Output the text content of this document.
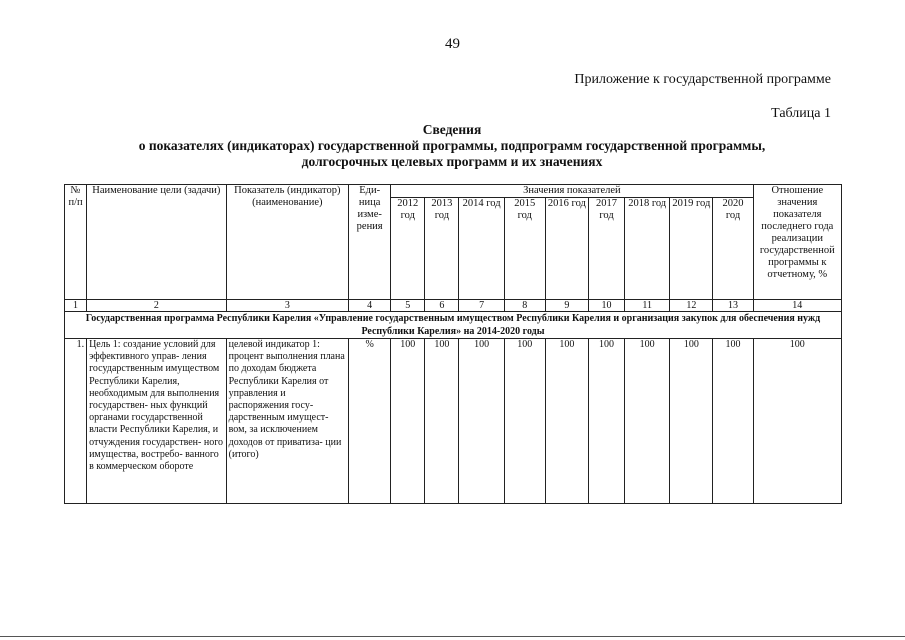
49
Приложение к государственной программе
Таблица 1
Сведения
о показателях (индикаторах) государственной программы, подпрограмм государственной программы,
долгосрочных целевых программ и их значениях
№ п/п	Наименование цели (задачи)	Показатель (индикатор) (наименование)	Еди- ница изме- рения	Значения показателей									Отношение значения показателя последнего года реализации государственной программы к отчетному, %
				2012 год	2013 год	2014 год	2015 год	2016 год	2017 год	2018 год	2019 год	2020 год	
1	2	3	4	5	6	7	8	9	10	11	12	13	14
Государственная программа Республики Карелия «Управление государственным имуществом Республики Карелия и организация закупок для обеспечения нужд Республики Карелия» на 2014-2020 годы													
1.	Цель 1: создание условий для эффективного управ- ления государственным имуществом Республики Карелия, необходимым для выполнения государствен- ных функций органами государственной власти Республики Карелия, и отчуждения государствен- ного имущества, востребо- ванного в коммерческом обороте	целевой индикатор 1: процент выполнения плана по доходам бюджета Республики Карелия от управления и распоряжения госу- дарственным имущест- вом, за исключением доходов от приватиза- ции (итого)	%	100	100	100	100	100	100	100	100	100	100
